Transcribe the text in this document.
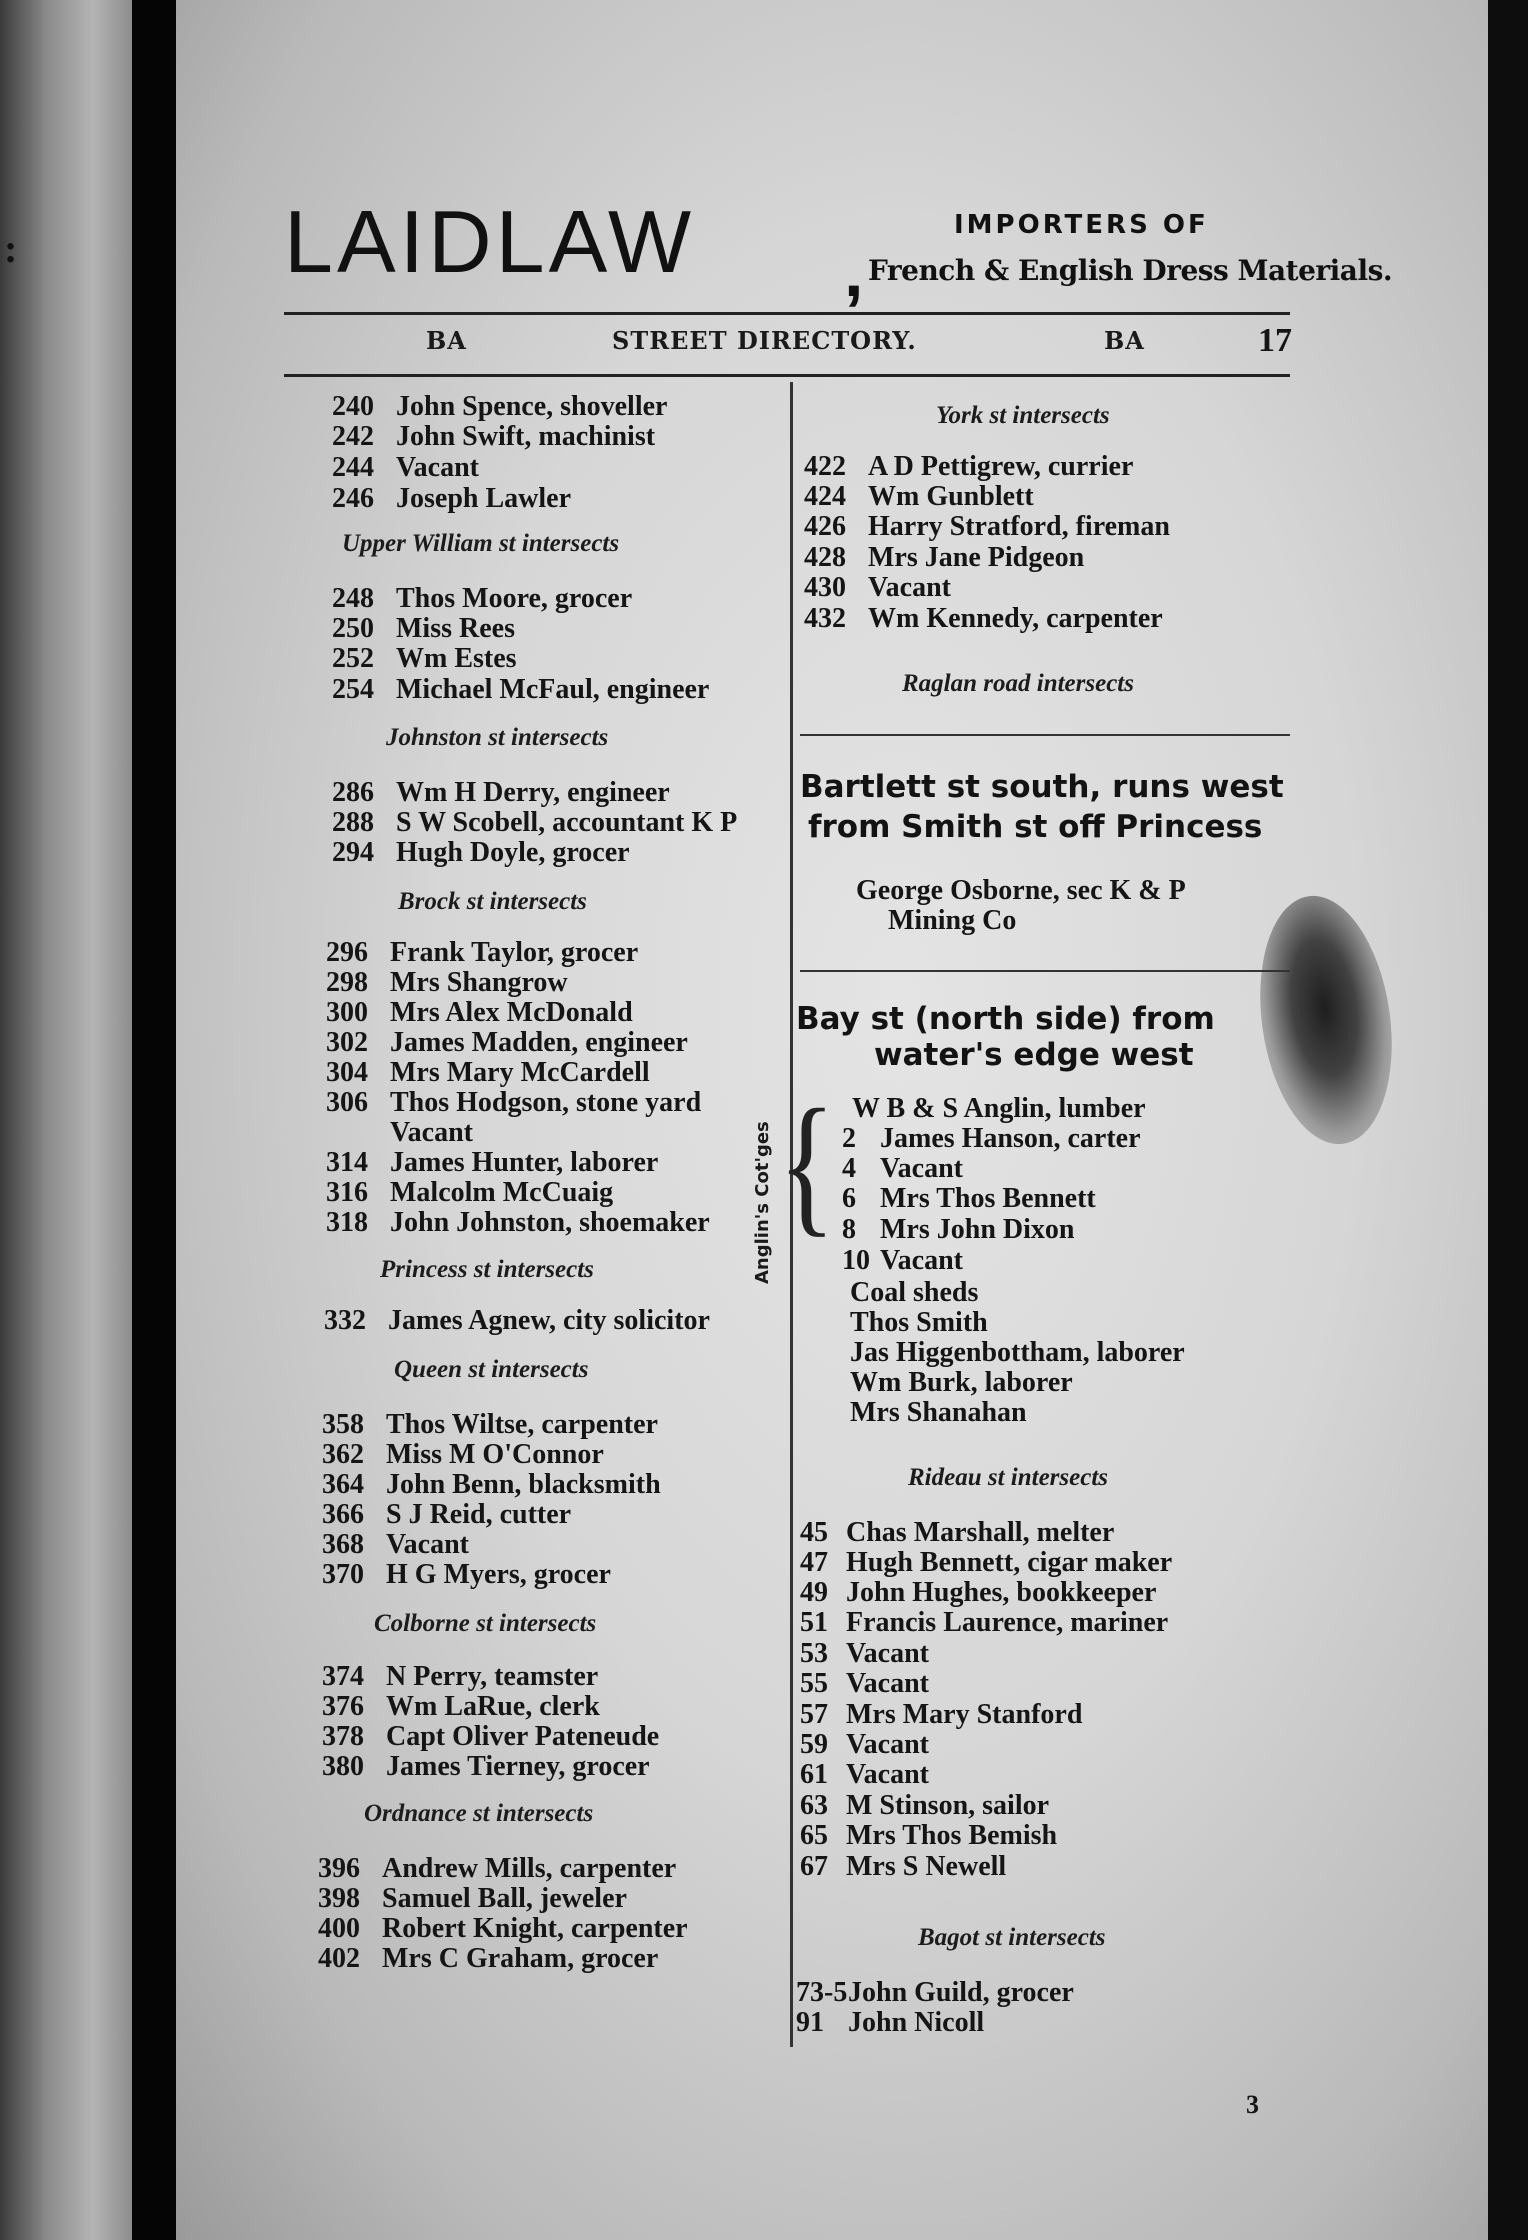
:	LAIDLAW ,
IMPORTERS OF
French & English Dress Materials.
BA	STREET DIRECTORY.	BA	17
240 John Spence, shoveller
242 John Swift, machinist
244 Vacant
246 Joseph Lawler
Upper William st intersects
248 Thos Moore, grocer
250 Miss Rees
252 Wm Estes
254 Michael McFaul, engineer
Johnston st intersects
286 Wm H Derry, engineer
288 S W Scobell, accountant K P
294 Hugh Doyle, grocer
Brock st intersects
296 Frank Taylor, grocer
298 Mrs Shangrow
300 Mrs Alex McDonald
302 James Madden, engineer
304 Mrs Mary McCardell
306 Thos Hodgson, stone yard
Vacant
314 James Hunter, laborer
316 Malcolm McCuaig
318 John Johnston, shoemaker
Princess st intersects
332 James Agnew, city solicitor
Queen st intersects
358 Thos Wiltse, carpenter
362 Miss M O'Connor
364 John Benn, blacksmith
366 S J Reid, cutter
368 Vacant
370 H G Myers, grocer
Colborne st intersects
374 N Perry, teamster
376 Wm LaRue, clerk
378 Capt Oliver Pateneude
380 James Tierney, grocer
Ordnance st intersects
396 Andrew Mills, carpenter
398 Samuel Ball, jeweler
400 Robert Knight, carpenter
402 Mrs C Graham, grocer
York st intersects
422 A D Pettigrew, currier
424 Wm Gunblett
426 Harry Stratford, fireman
428 Mrs Jane Pidgeon
430 Vacant
432 Wm Kennedy, carpenter
Raglan road intersects
Bartlett st south, runs west
from Smith st off Princess
George Osborne, sec K & P
Mining Co
Bay st (north side) from
water's edge west
W B & S Anglin, lumber
{
Anglin's Cot'ges 2 James Hanson, carter
4 Vacant
6 Mrs Thos Bennett
8 Mrs John Dixon
10 Vacant
Coal sheds
Thos Smith
Jas Higgenbottham, laborer
Wm Burk, laborer
Mrs Shanahan
Rideau st intersects
45 Chas Marshall, melter
47 Hugh Bennett, cigar maker
49 John Hughes, bookkeeper
51 Francis Laurence, mariner
53 Vacant
55 Vacant
57 Mrs Mary Stanford
59 Vacant
61 Vacant
63 M Stinson, sailor
65 Mrs Thos Bemish
67 Mrs S Newell
Bagot st intersects
73-5John Guild, grocer
91 John Nicoll
3
